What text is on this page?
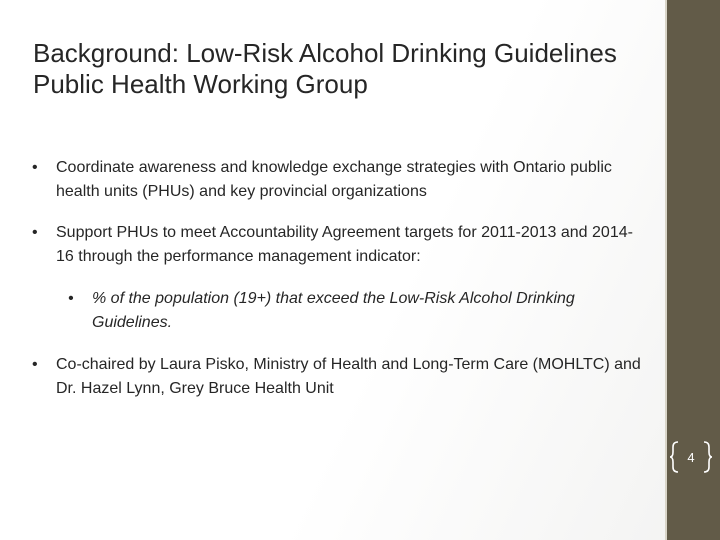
Background: Low-Risk Alcohol Drinking Guidelines Public Health Working Group

•	Coordinate awareness and knowledge exchange strategies with Ontario public health units (PHUs) and key provincial organizations

•	Support PHUs to meet Accountability Agreement targets for 2011-2013 and 2014-16 through the performance management indicator:

•	% of the population (19+) that exceed the Low-Risk Alcohol Drinking Guidelines.

•	Co-chaired by Laura Pisko, Ministry of Health and Long-Term Care (MOHLTC) and Dr. Hazel Lynn, Grey Bruce Health Unit

4
